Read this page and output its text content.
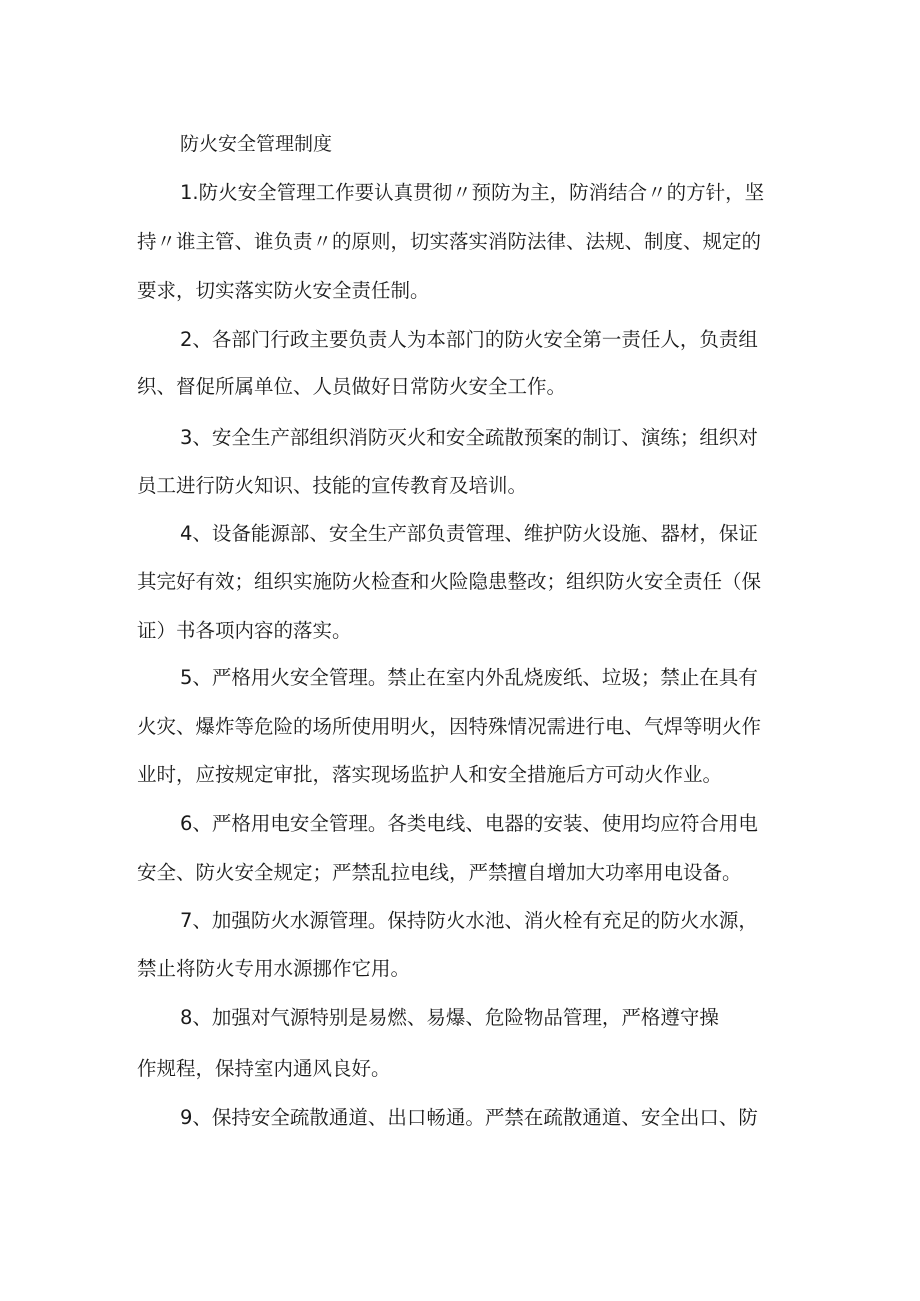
防火安全管理制度
1.防火安全管理工作要认真贯彻〃预防为主，防消结合〃的方针，坚
持〃谁主管、谁负责〃的原则，切实落实消防法律、法规、制度、规定的
要求，切实落实防火安全责任制。
2、各部门行政主要负责人为本部门的防火安全第一责任人，负责组
织、督促所属单位、人员做好日常防火安全工作。
3、安全生产部组织消防灭火和安全疏散预案的制订、演练；组织对
员工进行防火知识、技能的宣传教育及培训。
4、设备能源部、安全生产部负责管理、维护防火设施、器材，保证
其完好有效；组织实施防火检查和火险隐患整改；组织防火安全责任（保
证）书各项内容的落实。
5、严格用火安全管理。禁止在室内外乱烧废纸、垃圾；禁止在具有
火灾、爆炸等危险的场所使用明火，因特殊情况需进行电、气焊等明火作
业时，应按规定审批，落实现场监护人和安全措施后方可动火作业。
6、严格用电安全管理。各类电线、电器的安装、使用均应符合用电
安全、防火安全规定；严禁乱拉电线，严禁擅自增加大功率用电设备。
7、加强防火水源管理。保持防火水池、消火栓有充足的防火水源，
禁止将防火专用水源挪作它用。
8、加强对气源特别是易燃、易爆、危险物品管理，严格遵守操
作规程，保持室内通风良好。
9、保持安全疏散通道、出口畅通。严禁在疏散通道、安全出口、防
